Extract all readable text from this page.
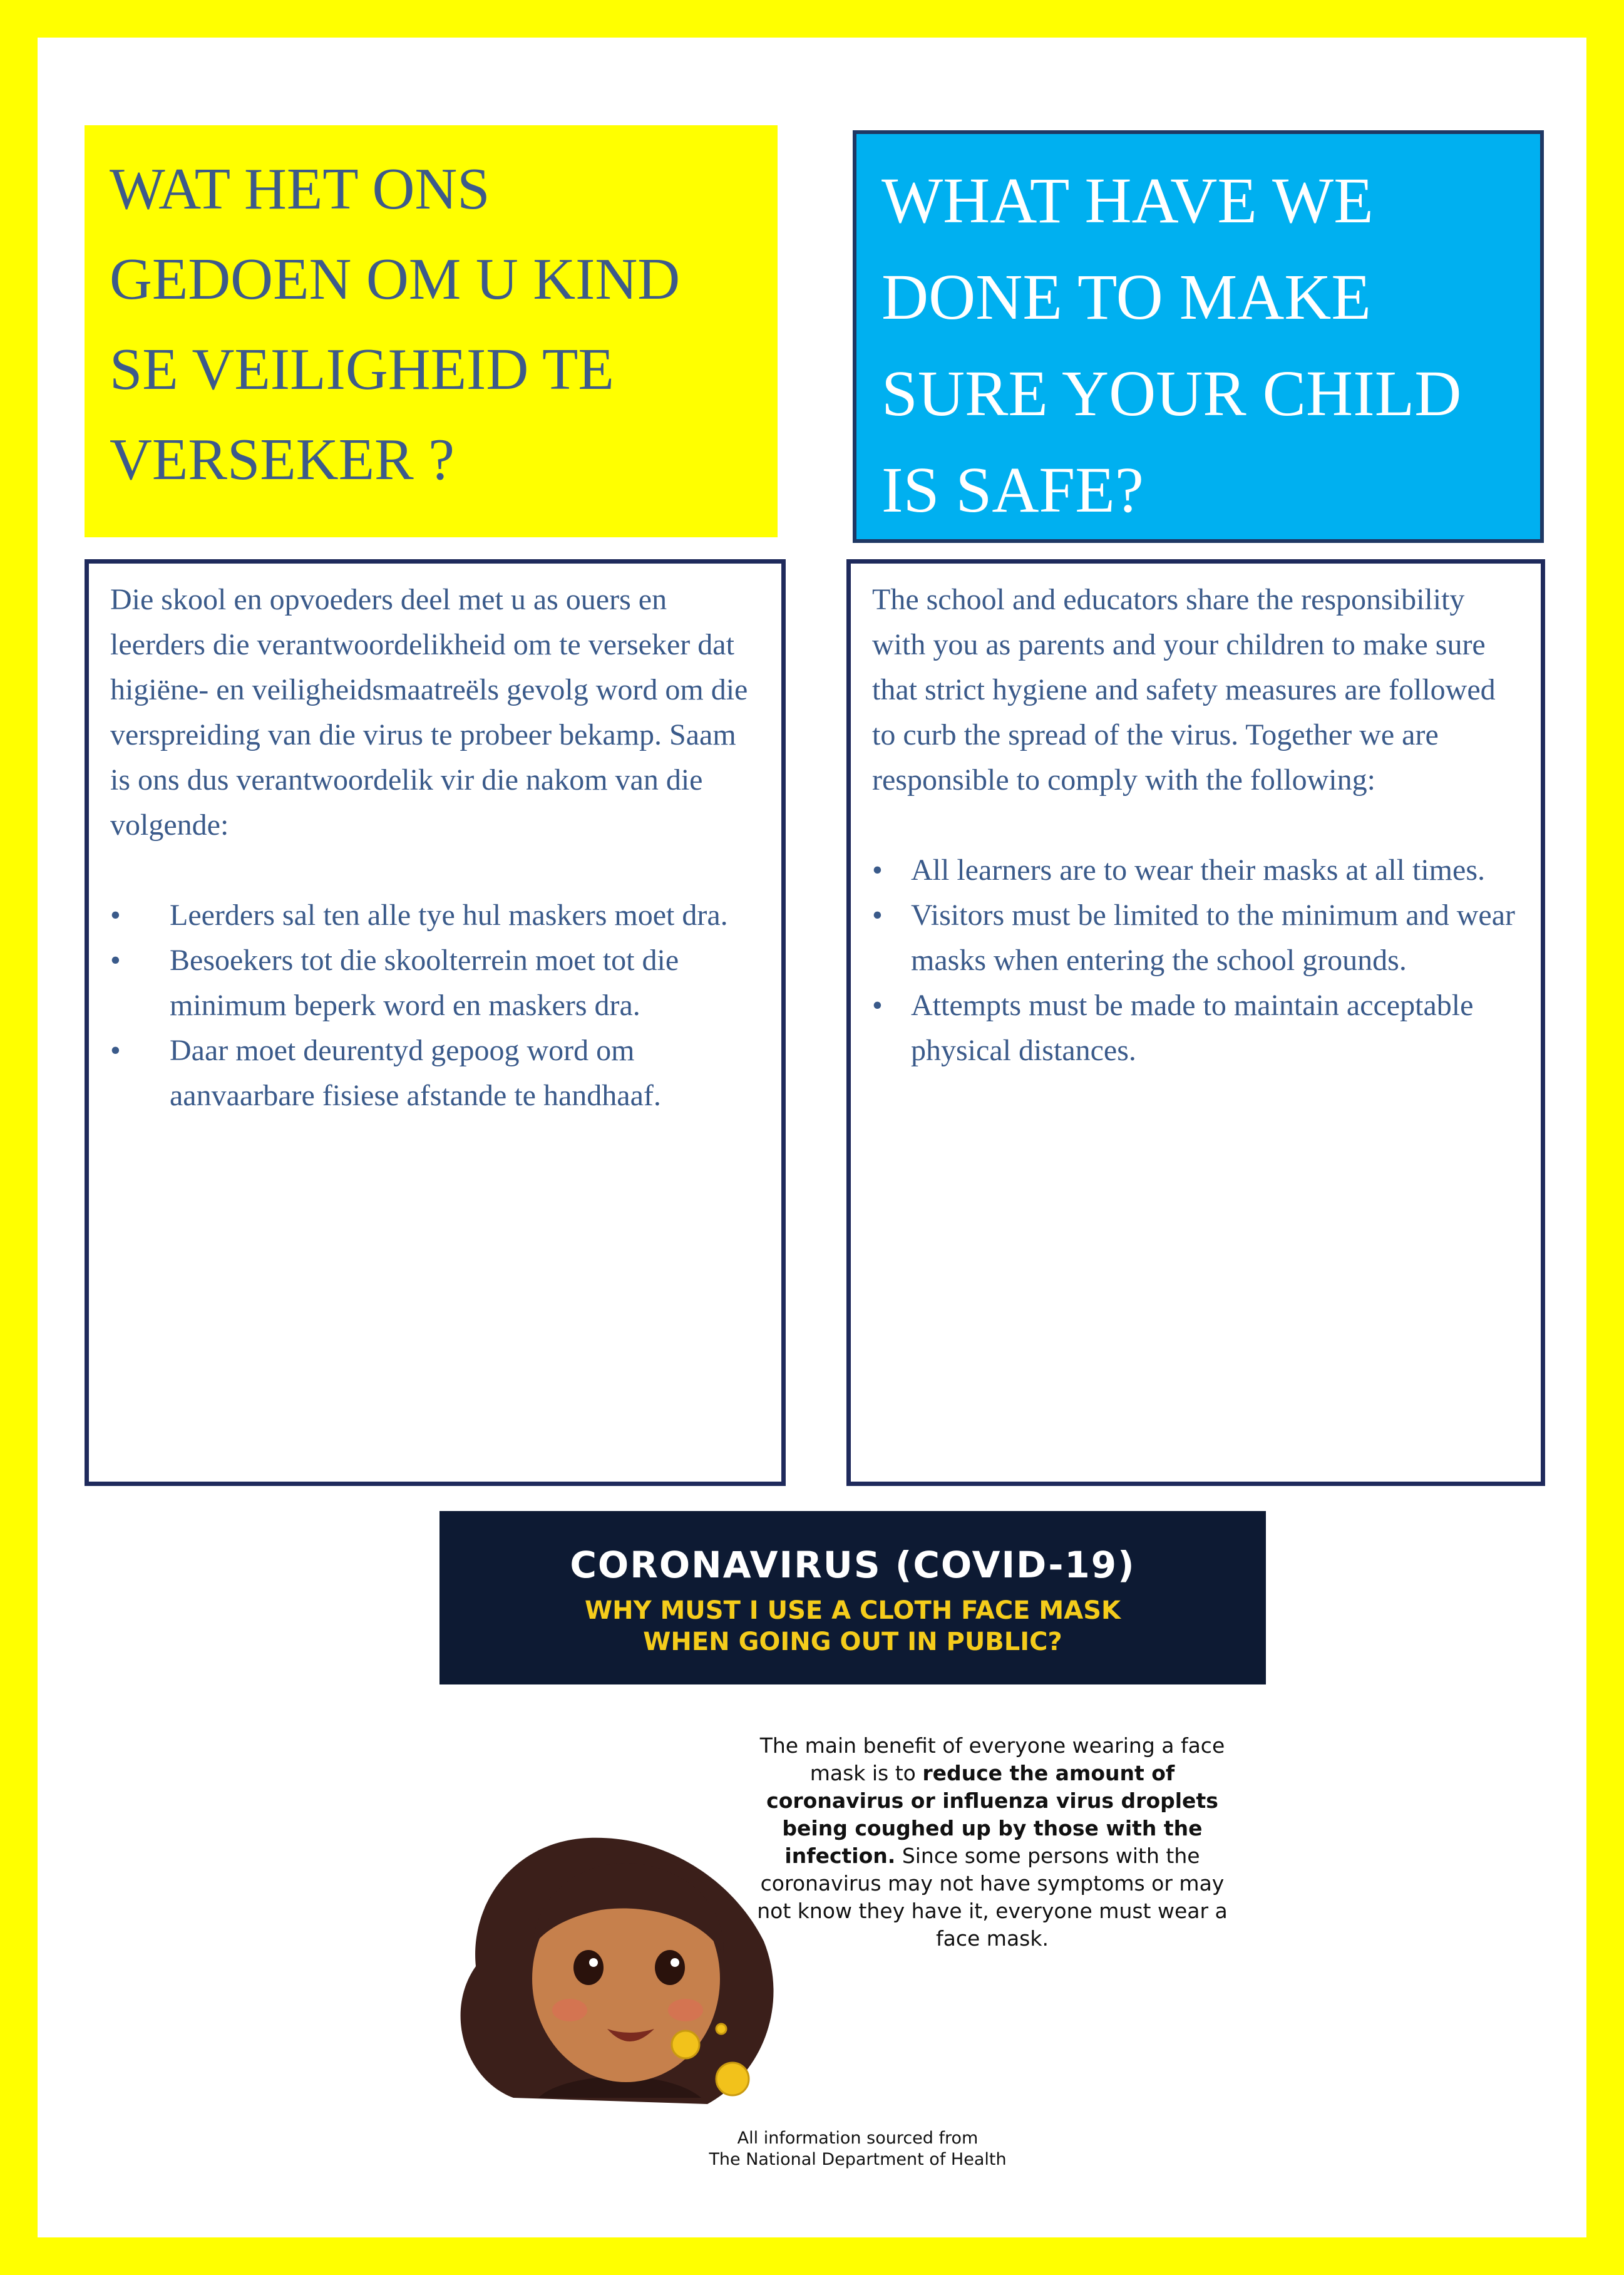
WAT HET ONS
GEDOEN OM U KIND
SE VEILIGHEID TE
VERSEKER ?
WHAT HAVE WE
DONE TO MAKE
SURE YOUR CHILD
IS SAFE?

Die skool en opvoeders deel met u as ouers en leerders die verantwoordelikheid om te verseker dat higiëne- en veiligheidsmaatreëls gevolg word om die verspreiding van die virus te probeer bekamp. Saam is ons dus verantwoordelik vir die nakom van die volgende:

• Leerders sal ten alle tye hul maskers moet dra.
• Besoekers tot die skoolterrein moet tot die minimum beperk word en maskers dra.
• Daar moet deurentyd gepoog word om aanvaarbare fisiese afstande te handhaaf.

The school and educators share the responsibility with you as parents and your children to make sure that strict hygiene and safety measures are followed to curb the spread of the virus. Together we are responsible to comply with the following:

• All learners are to wear their masks at all times.
• Visitors must be limited to the minimum and wear masks when entering the school grounds.
• Attempts must be made to maintain acceptable physical distances.
CORONAVIRUS (COVID-19)
WHY MUST I USE A CLOTH FACE MASK
WHEN GOING OUT IN PUBLIC?
The main benefit of everyone wearing a face mask is to reduce the amount of coronavirus or influenza virus droplets being coughed up by those with the infection. Since some persons with the coronavirus may not have symptoms or may not know they have it, everyone must wear a face mask.
All information sourced from
The National Department of Health
